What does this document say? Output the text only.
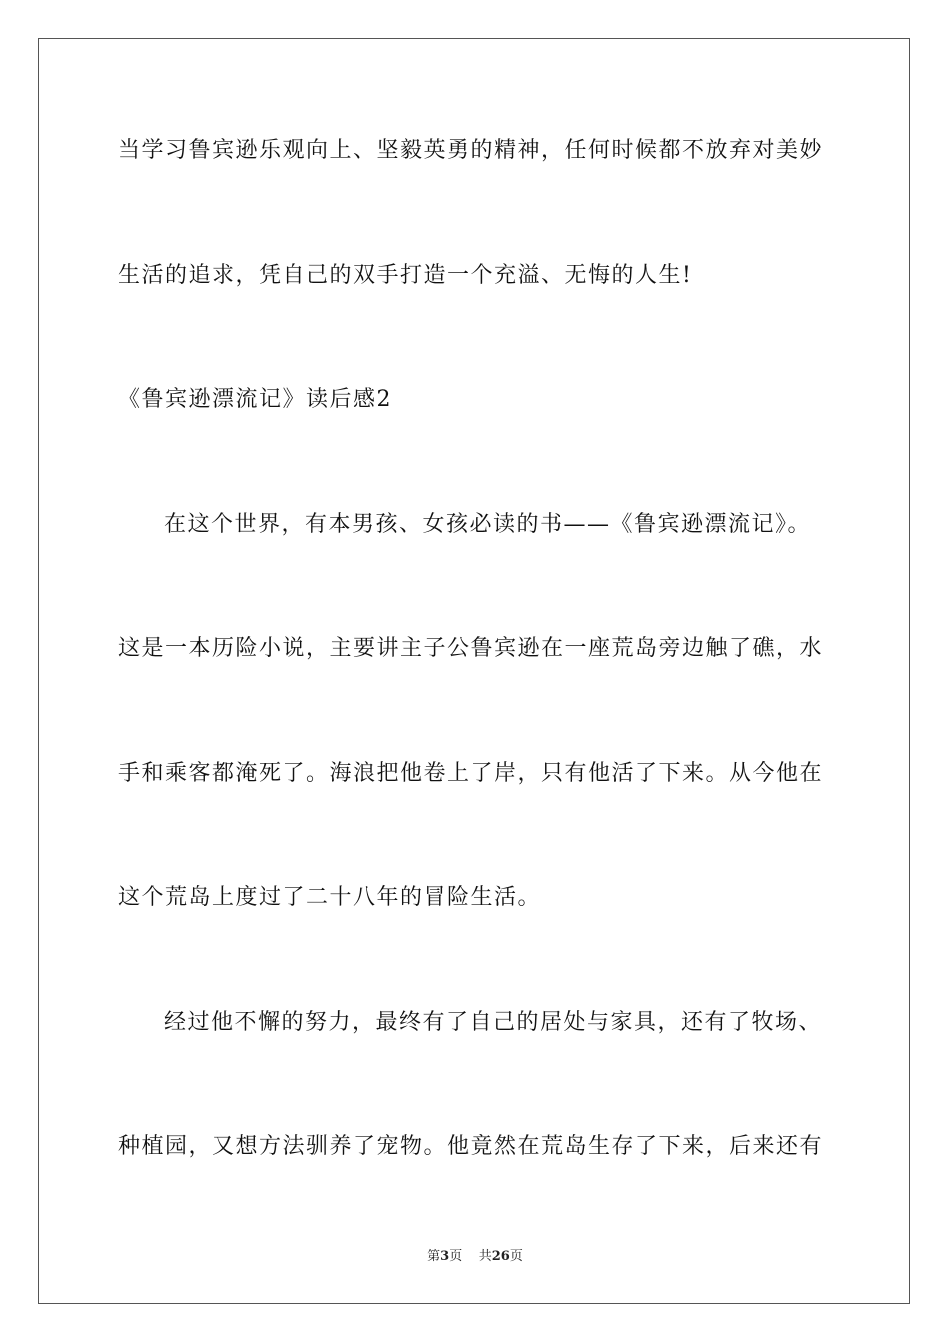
当学习鲁宾逊乐观向上、坚毅英勇的精神，任何时候都不放弃对美妙
生活的追求，凭自己的双手打造一个充溢、无悔的人生!
《鲁宾逊漂流记》读后感2
在这个世界，有本男孩、女孩必读的书——《鲁宾逊漂流记》。
这是一本历险小说，主要讲主子公鲁宾逊在一座荒岛旁边触了礁，水
手和乘客都淹死了。海浪把他卷上了岸，只有他活了下来。从今他在
这个荒岛上度过了二十八年的冒险生活。
经过他不懈的努力，最终有了自己的居处与家具，还有了牧场、
种植园，又想方法驯养了宠物。他竟然在荒岛生存了下来，后来还有
第3页 共26页
